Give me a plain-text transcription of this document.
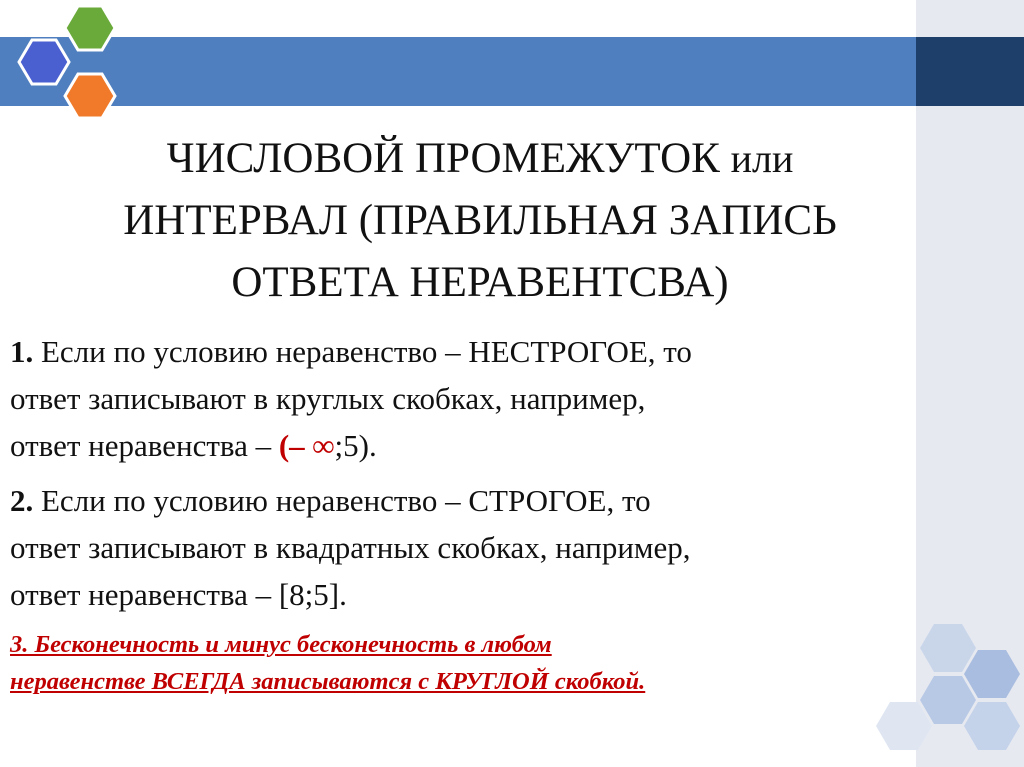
ЧИСЛОВОЙ ПРОМЕЖУТОК или
ИНТЕРВАЛ (ПРАВИЛЬНАЯ ЗАПИСЬ
ОТВЕТА НЕРАВЕНТСВА)

1. Если по условию неравенство – НЕСТРОГОЕ, то
ответ записывают в круглых скобках, например,
ответ неравенства – (– ∞;5).

2. Если по условию неравенство – СТРОГОЕ, то
ответ записывают в квадратных скобках, например,
ответ неравенства – [8;5].

3. Бесконечность и минус бесконечность в любом
неравенстве ВСЕГДА записываются с КРУГЛОЙ скобкой.
